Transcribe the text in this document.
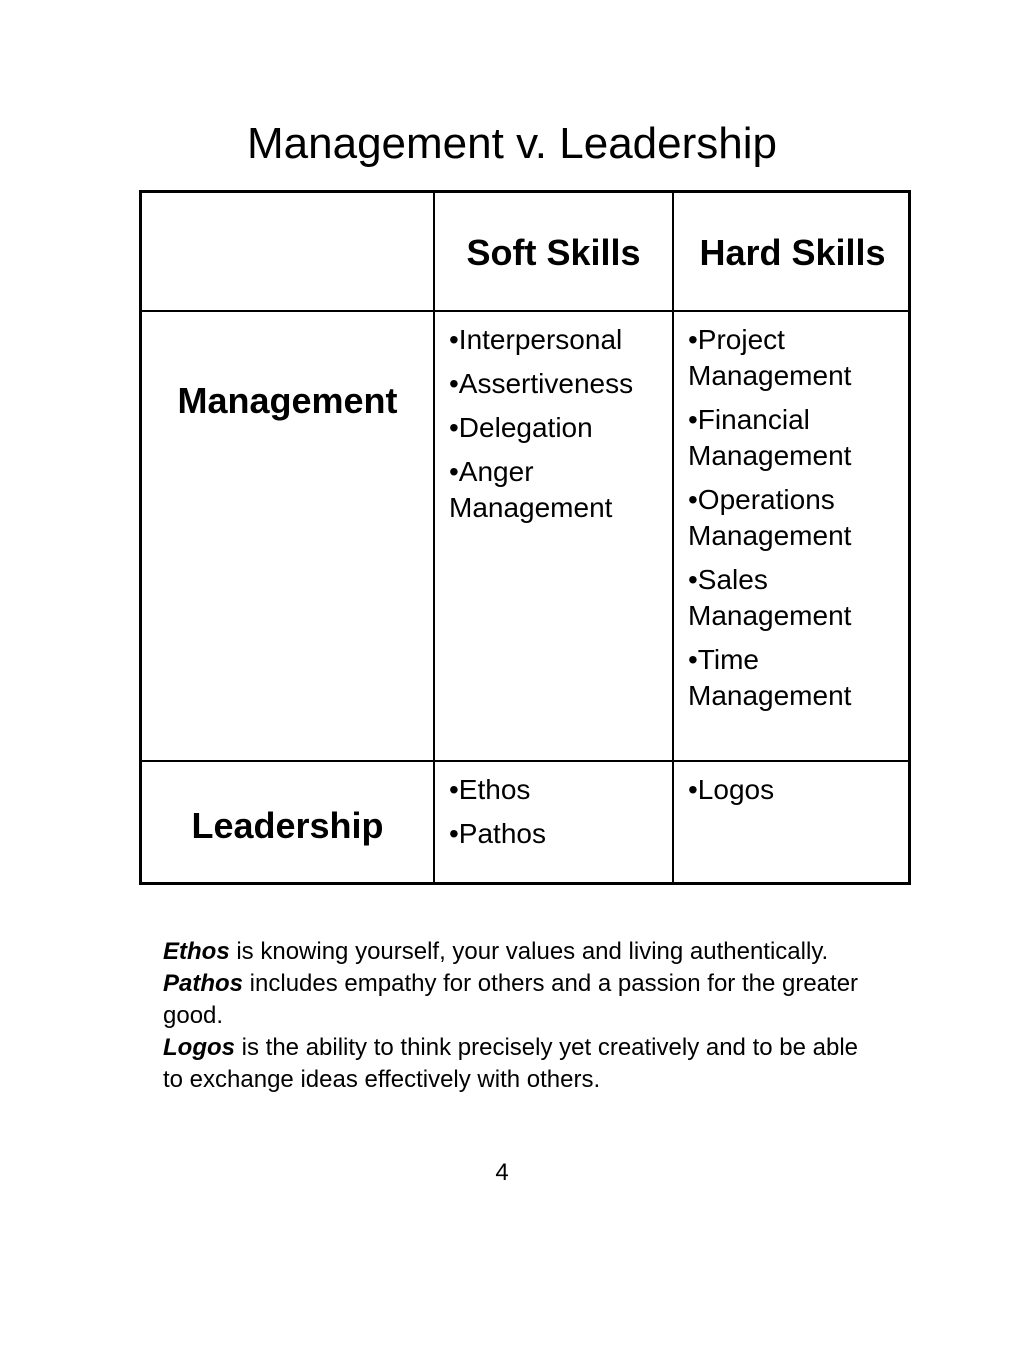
Management v. Leadership
Soft Skills	Hard Skills
Management
•Interpersonal
•Assertiveness
•Delegation
•Anger Management
•Project Management
•Financial Management
•Operations Management
•Sales Management
•Time Management
Leadership
•Ethos
•Pathos
•Logos

Ethos is knowing yourself, your values and living authentically.

Pathos includes empathy for others and a passion for the greater good.

Logos is the ability to think precisely yet creatively and to be able to exchange ideas effectively with others.

4
